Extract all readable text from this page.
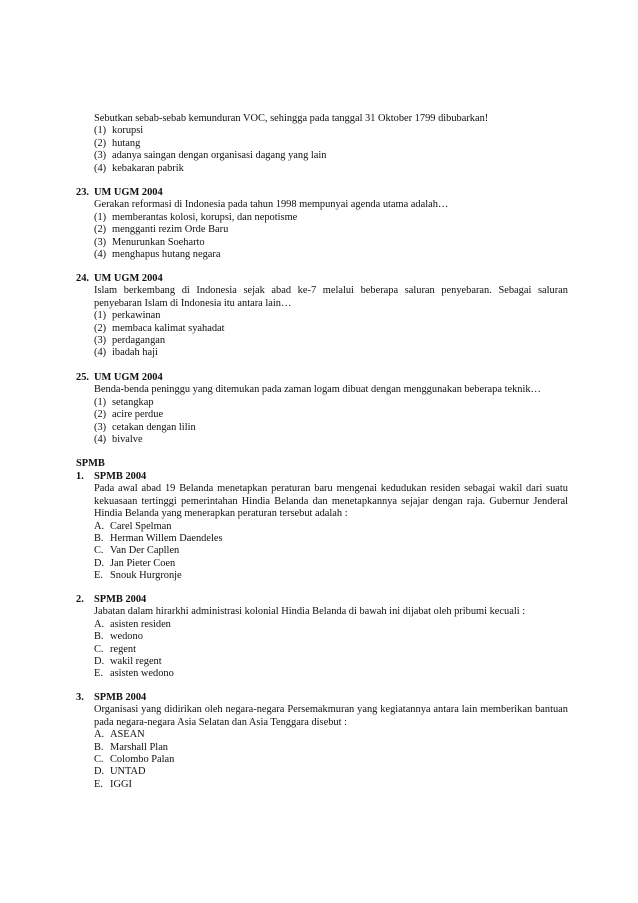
Sebutkan sebab-sebab kemunduran VOC, sehingga pada tanggal 31 Oktober 1799 dibubarkan!
(1) korupsi
(2) hutang
(3) adanya saingan dengan organisasi dagang yang lain
(4) kebakaran pabrik
23. UM UGM 2004
Gerakan reformasi di Indonesia pada tahun 1998 mempunyai agenda utama adalah…
(1) memberantas kolosi, korupsi, dan nepotisme
(2) mengganti rezim Orde Baru
(3) Menurunkan Soeharto
(4) menghapus hutang negara
24. UM UGM 2004
Islam berkembang di Indonesia sejak abad ke-7 melalui beberapa saluran penyebaran. Sebagai saluran penyebaran Islam di Indonesia itu antara lain…
(1) perkawinan
(2) membaca kalimat syahadat
(3) perdagangan
(4) ibadah haji
25. UM UGM 2004
Benda-benda peninggu yang ditemukan pada zaman logam dibuat dengan menggunakan beberapa teknik…
(1) setangkap
(2) acire perdue
(3) cetakan dengan lilin
(4) bivalve
SPMB
1. SPMB 2004
Pada awal abad 19 Belanda menetapkan peraturan baru mengenai kedudukan residen sebagai wakil dari suatu kekuasaan tertinggi pemerintahan Hindia Belanda dan menetapkannya sejajar dengan raja. Gubernur Jenderal Hindia Belanda yang menerapkan peraturan tersebut adalah :
A. Carel Spelman
B. Herman Willem Daendeles
C. Van Der Capllen
D. Jan Pieter Coen
E. Snouk Hurgronje
2. SPMB 2004
Jabatan dalam hirarkhi administrasi kolonial Hindia Belanda di bawah ini dijabat oleh pribumi kecuali :
A. asisten residen
B. wedono
C. regent
D. wakil regent
E. asisten wedono
3. SPMB 2004
Organisasi yang didirikan oleh negara-negara Persemakmuran yang kegiatannya antara lain memberikan bantuan pada negara-negara Asia Selatan dan Asia Tenggara disebut :
A. ASEAN
B. Marshall Plan
C. Colombo Palan
D. UNTAD
E. IGGI
